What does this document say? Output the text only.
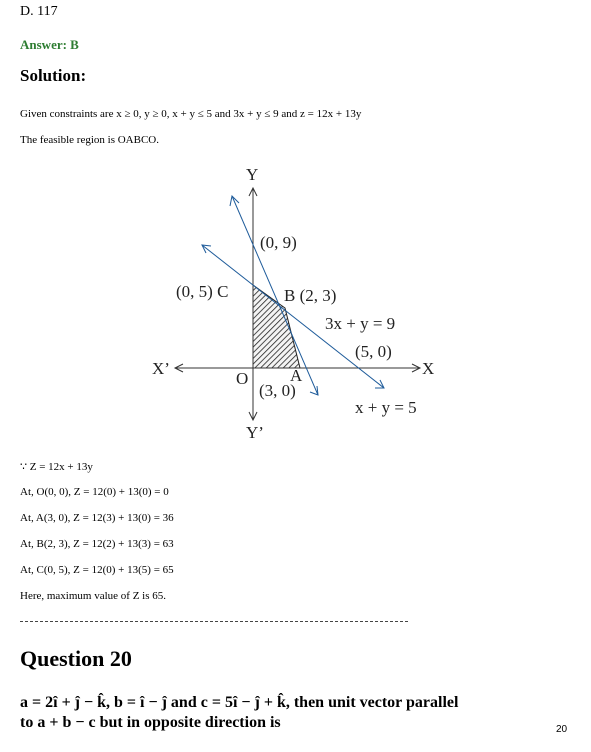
D. 117
Answer: B
Solution:
Given constraints are x ≥ 0, y ≥ 0, x + y ≤ 5 and 3x + y ≤ 9 and z = 12x + 13y
The feasible region is OABCO.
Y
Y’
X
X’
(0, 9)
(0, 5) C	B (2, 3)
3x + y = 9
(5, 0)
O A
(3, 0)
x + y = 5
∵ Z = 12x + 13y
At, O(0, 0), Z = 12(0) + 13(0) = 0
At, A(3, 0), Z = 12(3) + 13(0) = 36
At, B(2, 3), Z = 12(2) + 13(3) = 63
At, C(0, 5), Z = 12(0) + 13(5) = 65
Here, maximum value of Z is 65.
Question 20
a = 2î + ĵ − k̂, b = î − ĵ and c = 5î − ĵ + k̂, then unit vector parallel
to a + b − c but in opposite direction is	20
